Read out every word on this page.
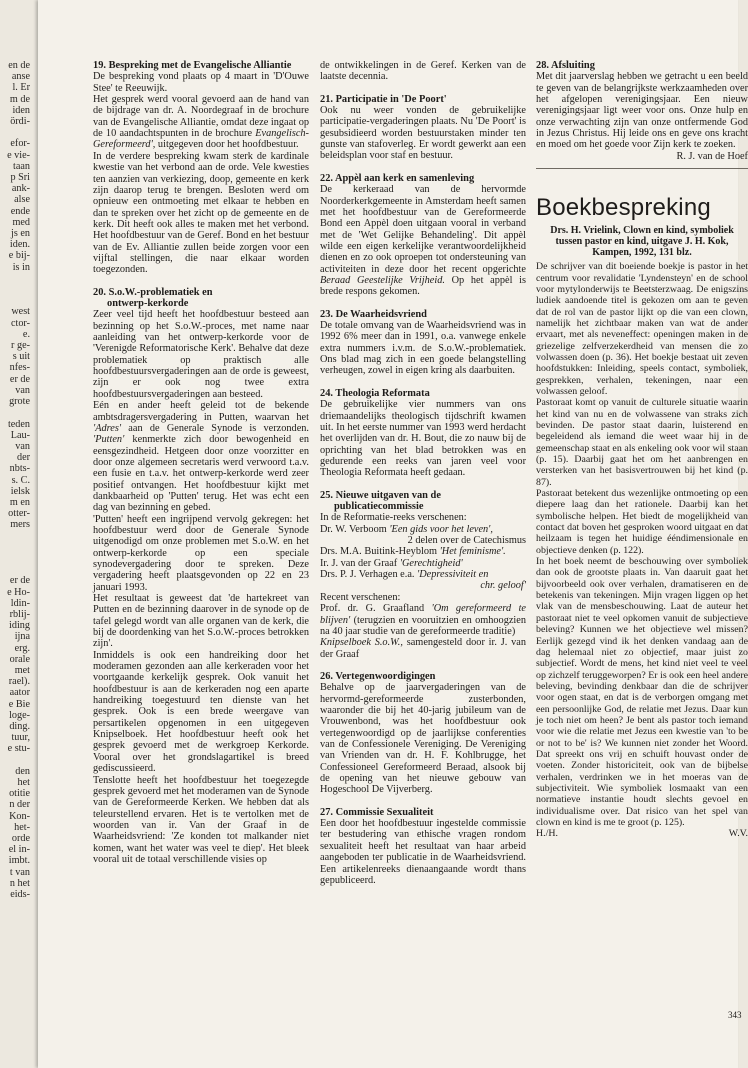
en de
anse
l. Er
m de
iden
ördi-

efor-
e vie-
taan
p Sri
ank-
alse
ende
med
js en
iden.
e bij-
is in

west
ctor-
e.
r ge-
s uit
nfes-
er de
van
grote

teden
Lau-
van
der
nbts-
s. C.
ielsk
m en
otter-
mers

er de
e Ho-
ldin-
rblij-
iding
ijna
erg.
orale
met
rael).
aator
e Bie
loge-
ding.
tuur,
e stu-

den
het
otitie
n der
Kon-
het-
orde
el in-
imbt.
t van
n het
eids-
19. Bespreking met de Evangelische Alliantie

De bespreking vond plaats op 4 maart in 'D'Ouwe Stee' te Reeuwijk.

Het gesprek werd vooral gevoerd aan de hand van de bijdrage van dr. A. Noordegraaf in de brochure van de Evangelische Alliantie, omdat deze ingaat op de 10 aandachtspunten in de brochure Evangelisch-Gereformeerd', uitgegeven door het hoofdbestuur.

In de verdere bespreking kwam sterk de kardinale kwestie van het verbond aan de orde. Vele kwesties ten aanzien van verkiezing, doop, gemeente en kerk zijn daarop terug te brengen. Besloten werd om opnieuw een ontmoeting met elkaar te hebben en dan te spreken over het zicht op de gemeente en de kerk. Dit heeft ook alles te maken met het verbond. Het hoofdbestuur van de Geref. Bond en het bestuur van de Ev. Alliantie zullen beide zorgen voor een vijftal stellingen, die naar elkaar worden toegezonden.

20. S.o.W.-problematiek en
ontwerp-kerkorde

Zeer veel tijd heeft het hoofdbestuur besteed aan bezinning op het S.o.W.-proces, met name naar aanleiding van het ontwerp-kerkorde voor de 'Verenigde Reformatorische Kerk'. Behalve dat deze problematiek op praktisch alle hoofdbestuursvergaderingen aan de orde is geweest, zijn er ook nog twee extra hoofdbestuursvergaderingen aan besteed.

Eén en ander heeft geleid tot de bekende ambtsdragersvergadering in Putten, waarvan het 'Adres' aan de Generale Synode is verzonden. 'Putten' kenmerkte zich door bewogenheid en eensgezindheid. Hetgeen door onze voorzitter en door onze algemeen secretaris werd verwoord t.a.v. een fusie en t.a.v. het ontwerp-kerkorde werd zeer positief ontvangen. Het hoofdbestuur kijkt met dankbaarheid op 'Putten' terug. Het was echt een dag van bezinning en gebed.

'Putten' heeft een ingrijpend vervolg gekregen: het hoofdbestuur werd door de Generale Synode uitgenodigd om onze problemen met S.o.W. en het ontwerp-kerkorde op een speciale synodevergadering door te spreken. Deze vergadering heeft plaatsgevonden op 22 en 23 januari 1993.

Het resultaat is geweest dat 'de hartekreet van Putten en de bezinning daarover in de synode op de tafel gelegd wordt van alle organen van de kerk, die bij de doordenking van het S.o.W.-proces betrokken zijn'.

Inmiddels is ook een handreiking door het moderamen gezonden aan alle kerkeraden voor het voortgaande kerkelijk gesprek. Ook vanuit het hoofdbestuur is aan de kerkeraden nog een aparte handreiking toegestuurd ten dienste van het gesprek. Ook is een brede weergave van persartikelen opgenomen in een uitgegeven Knipselboek. Het hoofdbestuur heeft ook het gesprek gevoerd met de werkgroep Kerkorde. Vooral over het grondslagartikel is breed gediscussieerd.

Tenslotte heeft het hoofdbestuur het toegezegde gesprek gevoerd met het moderamen van de Synode van de Gereformeerde Kerken. We hebben dat als teleurstellend ervaren. Het is te vertolken met de woorden van ir. Van der Graaf in de Waarheidsvriend: 'Ze konden tot malkander niet komen, want het water was veel te diep'. Het bleek vooral uit de totaal verschillende visies op

de ontwikkelingen in de Geref. Kerken van de laatste decennia.

21. Participatie in 'De Poort'

Ook nu weer vonden de gebruikelijke participatie-vergaderingen plaats. Nu 'De Poort' is gesubsidieerd worden bestuurstaken minder ten gunste van stafoverleg. Er wordt gewerkt aan een beleidsplan voor staf en bestuur.

22. Appèl aan kerk en samenleving

De kerkeraad van de hervormde Noorderkerkgemeente in Amsterdam heeft samen met het hoofdbestuur van de Gereformeerde Bond een Appèl doen uitgaan vooral in verband met de 'Wet Gelijke Behandeling'. Dit appèl wilde een eigen kerkelijke verantwoordelijkheid dienen en zo ook oproepen tot ondersteuning van activiteiten in deze door het recent opgerichte Beraad Geestelijke Vrijheid. Op het appèl is brede respons gekomen.

23. De Waarheidsvriend

De totale omvang van de Waarheidsvriend was in 1992 6% meer dan in 1991, o.a. vanwege enkele extra nummers i.v.m. de S.o.W.-problematiek. Ons blad mag zich in een goede belangstelling verheugen, zowel in eigen kring als daarbuiten.

24. Theologia Reformata

De gebruikelijke vier nummers van ons driemaandelijks theologisch tijdschrift kwamen uit. In het eerste nummer van 1993 werd herdacht het overlijden van dr. H. Bout, die zo nauw bij de oprichting van het blad betrokken was en gedurende een reeks van jaren veel voor Theologia Reformata heeft gedaan.

25. Nieuwe uitgaven van de
publicatiecommissie

In de Reformatie-reeks verschenen:

Dr. W. Verboom 'Een gids voor het leven',

2 delen over de Catechismus

Drs. M.A. Buitink-Heyblom 'Het feminisme'.

Ir. J. van der Graaf 'Gerechtigheid'

Drs. P. J. Verhagen e.a. 'Depressiviteit en

chr. geloof'

Recent verschenen:

Prof. dr. G. Graafland 'Om gereformeerd te blijven' (terugzien en vooruitzien en omhoogzien na 40 jaar studie van de gereformeerde traditie)

Knipselboek S.o.W., samengesteld door ir. J. van der Graaf

26. Vertegenwoordigingen

Behalve op de jaarvergaderingen van de hervormd-gereformeerde zusterbonden, waaronder die bij het 40-jarig jubileum van de Vrouwenbond, was het hoofdbestuur ook vertegenwoordigd op de jaarlijkse conferenties van de Confessionele Vereniging. De Vereniging van Vrienden van dr. H. F. Kohlbrugge, het Confessioneel Gereformeerd Beraad, alsook bij de opening van het nieuwe gebouw van Hogeschool De Vijverberg.

27. Commissie Sexualiteit

Een door het hoofdbestuur ingestelde commissie ter bestudering van ethische vragen rondom sexualiteit heeft het resultaat van haar arbeid aangeboden ter publicatie in de Waarheidsvriend. Een artikelenreeks dienaangaande wordt thans gepubliceerd.

28. Afsluiting

Met dit jaarverslag hebben we getracht u een beeld te geven van de belangrijkste werkzaamheden over het afgelopen verenigingsjaar. Een nieuw verenigingsjaar ligt weer voor ons. Onze hulp en onze verwachting zijn van onze ontfermende God in Jezus Christus. Hij leide ons en geve ons kracht en moed om het goede voor Zijn kerk te zoeken.

R. J. van de Hoef

Boekbespreking
Drs. H. Vrielink, Clown en kind, symboliek tussen pastor en kind, uitgave J. H. Kok, Kampen, 1992, 131 blz.

De schrijver van dit boeiende boekje is pastor in het centrum voor revalidatie 'Lyndensteyn' en de school voor mytylonderwijs te Beetsterzwaag. De enigszins ludiek aandoende titel is gekozen om aan te geven dat de rol van de pastor lijkt op die van een clown, namelijk het zichtbaar maken van wat de ander ervaart, met als neveneffect: openingen maken in de griezelige zelfverzekerdheid van mensen die zo volwassen doen (p. 36). Het boekje bestaat uit zeven hoofdstukken: Inleiding, speels contact, symboliek, gesprekken, verhalen, tekeningen, naar een volwassen geloof.

Pastoraat komt op vanuit de culturele situatie waarin het kind van nu en de volwassene van straks zich bevinden. De pastor staat daarin, luisterend en begeleidend als iemand die weet waar hij in de gemeenschap staat en als enkeling ook voor wil staan (p. 15). Daarbij gaat het om het aanbrengen en versterken van het basisvertrouwen bij het kind (p. 87).

Pastoraat betekent dus wezenlijke ontmoeting op een diepere laag dan het rationele. Daarbij kan het symbolische helpen. Het biedt de mogelijkheid van contact dat boven het gesproken woord uitgaat en dat heilzaam is tegen het huidige ééndimensionale en objectieve denken (p. 122).

In het boek neemt de beschouwing over symboliek dan ook de grootste plaats in. Van daaruit gaat het bijvoorbeeld ook over verhalen, dramatiseren en de betekenis van tekeningen. Mijn vragen liggen op het vlak van de mensbeschouwing. Laat de auteur het pastoraat niet te veel opkomen vanuit de subjectieve beleving? Kunnen we het objectieve wel missen? Eerlijk gezegd vind ik het denken vandaag aan de dag helemaal niet zo objectief, maar juist zo subjectief. Wordt de mens, het kind niet veel te veel op zichzelf teruggeworpen? Er is ook een heel andere beleving, bevinding denkbaar dan die de schrijver voor ogen staat, en dat is de verborgen omgang met een persoonlijke God, de relatie met Jezus. Daar kun je toch niet om heen? Je bent als pastor toch iemand voor wie die relatie met Jezus een kwestie van 'to be or not to be' is? We kunnen niet zonder het Woord. Dat spreekt ons vrij en schuift houvast onder de voeten. Zonder historiciteit, ook van de bijbelse verhalen, verdrinken we in het moeras van de subjectiviteit. Wie symboliek losmaakt van een normatieve instantie houdt slechts gevoel en individualisme over. Dat risico van het spel van clown en kind is me te groot (p. 125).

H./H.	W.V.
343
